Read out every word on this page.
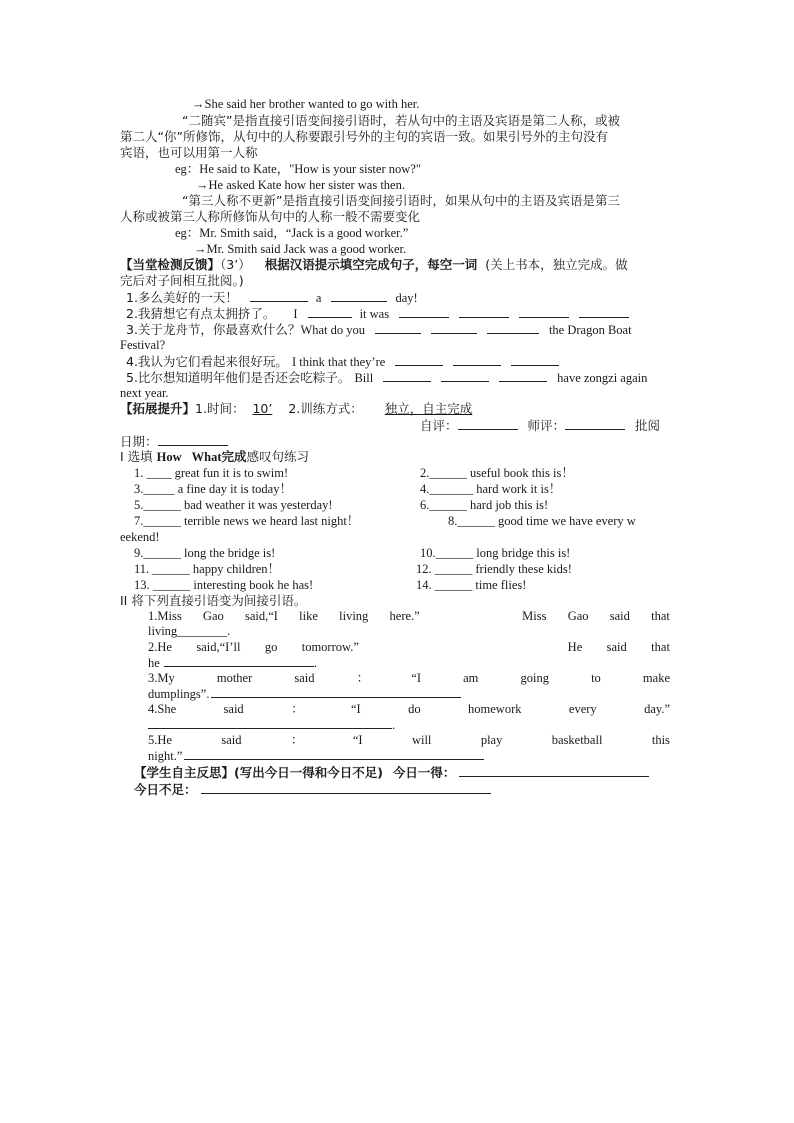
→She said her brother wanted to go with her.
“二随宾”是指直接引语变间接引语时，若从句中的主语及宾语是第二人称，或被
第二人“你”所修饰，从句中的人称要跟引号外的主句的宾语一致。如果引号外的主句没有
宾语，也可以用第一人称
eg：He said to Kate，"How is your sister now?"
→He asked Kate how her sister was then.
“第三人称不更新”是指直接引语变间接引语时，如果从句中的主语及宾语是第三
人称或被第三人称所修饰从句中的人称一般不需要变化
eg：Mr. Smith said，“Jack is a good worker.”
→Mr. Smith said Jack was a good worker.
【当堂检测反馈】（3’） 根据汉语提示填空完成句子，每空一词 (关上书本，独立完成。做
完后对子间相互批阅。)
1.多么美好的一天！	a	day!
2.我猜想它有点太拥挤了。 I	it was
3.关于龙舟节，你最喜欢什么？What do you	the Dragon Boat
Festival?
4.我认为它们看起来很好玩。 I think that they’re
5.比尔想知道明年他们是否还会吃粽子。 Bill	have zongzi again
next year.
【拓展提升】1.时间： 10’ 2.训练方式： 独立，自主完成
自评：	师评：	批阅
日期：
I 选填 How What完成感叹句练习
1. ____ great fun it is to swim!	2.______ useful book this is！
3._____ a fine day it is today！	4._______ hard work it is！
5.______ bad weather it was yesterday!	6.______ hard job this is!
7.______ terrible news we heard last night！	8.______ good time we have every w
eekend!
9.______ long the bridge is!	10.______ long bridge this is!
11. ______ happy children！	12. ______ friendly these kids!
13. ______ interesting book he has!	14. ______ time flies!
II 将下列直接引语变为间接引语。
1.Miss Gao said,“I like living here.”	Miss Gao said that
living________.
2.He said,“I’ll go tomorrow.”	He said that
he	.
3.My	mother	said	：	“I	am	going	to	make
dumplings”.
4.She	said	：	“I	do	homework	every	day.”
.
5.He	said	：	“I	will	play	basketball	this
night.”
【学生自主反思】(写出今日一得和今日不足) 今日一得：
今日不足：
